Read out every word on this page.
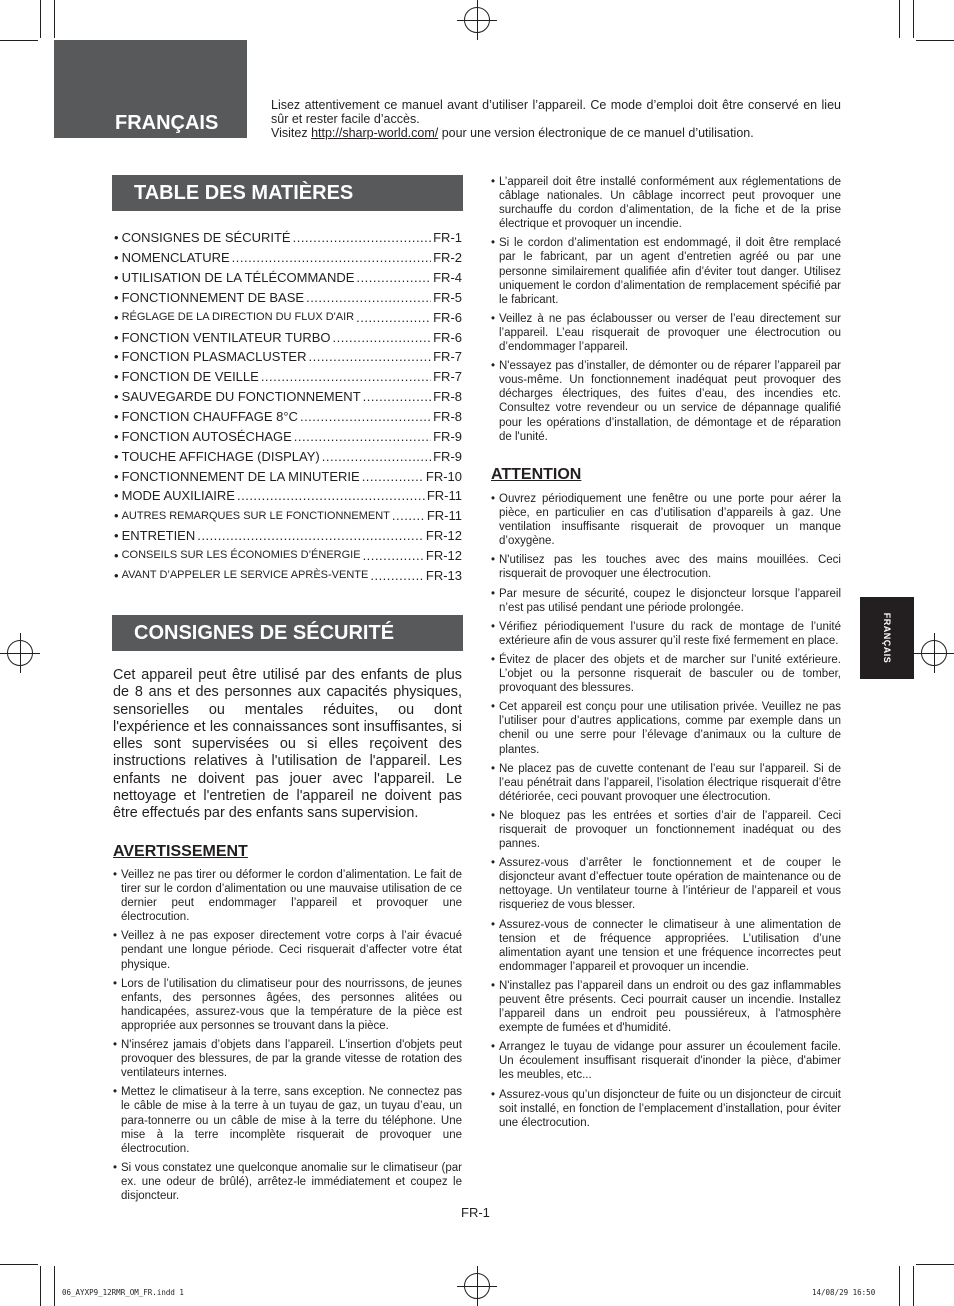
FRANÇAIS
Lisez attentivement ce manuel avant d’utiliser l’appareil. Ce mode d’emploi doit être conservé en lieu sûr et rester facile d’accès.
Visitez http://sharp-world.com/ pour une version électronique de ce manuel d’utilisation.
TABLE DES MATIÈRES
• CONSIGNES DE SÉCURITÉ .....	FR-1
• NOMENCLATURE .....	FR-2
• UTILISATION DE LA TÉLÉCOMMANDE .....	FR-4
• FONCTIONNEMENT DE BASE .....	FR-5
• RÉGLAGE DE LA DIRECTION DU FLUX D'AIR .....	FR-6
• FONCTION VENTILATEUR TURBO .....	FR-6
• FONCTION PLASMACLUSTER .....	FR-7
• FONCTION DE VEILLE .....	FR-7
• SAUVEGARDE DU FONCTIONNEMENT .....	FR-8
• FONCTION CHAUFFAGE 8°C .....	FR-8
• FONCTION AUTOSÉCHAGE .....	FR-9
• TOUCHE AFFICHAGE (DISPLAY) .....	FR-9
• FONCTIONNEMENT DE LA MINUTERIE .....	FR-10
• MODE AUXILIAIRE .....	FR-11
• AUTRES REMARQUES SUR LE FONCTIONNEMENT .....	FR-11
• ENTRETIEN .....	FR-12
• CONSEILS SUR LES ÉCONOMIES D’ÉNERGIE .....	FR-12
• AVANT D’APPELER LE SERVICE APRÈS-VENTE .....	FR-13
CONSIGNES DE SÉCURITÉ

Cet appareil peut être utilisé par des enfants de plus de 8 ans et des personnes aux capacités physiques, sensorielles ou mentales réduites, ou dont l'expérience et les connaissances sont insuffisantes, si elles sont supervisées ou si elles reçoivent des instructions relatives à l'utilisation de l'appareil. Les enfants ne doivent pas jouer avec l'appareil. Le nettoyage et l'entretien de l'appareil ne doivent pas être effectués par des enfants sans supervision.

AVERTISSEMENT
• Veillez ne pas tirer ou déformer le cordon d’alimentation. Le fait de tirer sur le cordon d’alimentation ou une mauvaise utilisation de ce dernier peut endommager l’appareil et provoquer une électrocution.
• Veillez à ne pas exposer directement votre corps à l’air évacué pendant une longue période. Ceci risquerait d’affecter votre état physique.
• Lors de l’utilisation du climatiseur pour des nourrissons, de jeunes enfants, des personnes âgées, des personnes alitées ou handicapées, assurez-vous que la température de la pièce est appropriée aux personnes se trouvant dans la pièce.
• N'insérez jamais d’objets dans l’appareil. L'insertion d'objets peut provoquer des blessures, de par la grande vitesse de rotation des ventilateurs internes.
• Mettez le climatiseur à la terre, sans exception. Ne connectez pas le câble de mise à la terre à un tuyau de gaz, un tuyau d’eau, un para-tonnerre ou un câble de mise à la terre du téléphone. Une mise à la terre incomplète risquerait de provoquer une électrocution.
• Si vous constatez une quelconque anomalie sur le climatiseur (par ex. une odeur de brûlé), arrêtez-le immédiatement et coupez le disjoncteur.
• L’appareil doit être installé conformément aux réglementations de câblage nationales. Un câblage incorrect peut provoquer une surchauffe du cordon d’alimentation, de la fiche et de la prise électrique et provoquer un incendie.
• Si le cordon d’alimentation est endommagé, il doit être remplacé par le fabricant, par un agent d’entretien agréé ou par une personne similairement qualifiée afin d’éviter tout danger. Utilisez uniquement le cordon d’alimentation de remplacement spécifié par le fabricant.
• Veillez à ne pas éclabousser ou verser de l’eau directement sur l’appareil. L’eau risquerait de provoquer une électrocution ou d’endommager l’appareil.
• N'essayez pas d’installer, de démonter ou de réparer l’appareil par vous-même. Un fonctionnement inadéquat peut provoquer des décharges électriques, des fuites d’eau, des incendies etc. Consultez votre revendeur ou un service de dépannage qualifié pour les opérations d’installation, de démontage et de réparation de l'unité.
ATTENTION
• Ouvrez périodiquement une fenêtre ou une porte pour aérer la pièce, en particulier en cas d’utilisation d’appareils à gaz. Une ventilation insuffisante risquerait de provoquer un manque d’oxygène.
• N'utilisez pas les touches avec des mains mouillées. Ceci risquerait de provoquer une électrocution.
• Par mesure de sécurité, coupez le disjoncteur lorsque l’appareil n’est pas utilisé pendant une période prolongée.
• Vérifiez périodiquement l’usure du rack de montage de l’unité extérieure afin de vous assurer qu’il reste fixé fermement en place.
• Évitez de placer des objets et de marcher sur l’unité extérieure. L’objet ou la personne risquerait de basculer ou de tomber, provoquant des blessures.
• Cet appareil est conçu pour une utilisation privée. Veuillez ne pas l’utiliser pour d’autres applications, comme par exemple dans un chenil ou une serre pour l’élevage d’animaux ou la culture de plantes.
• Ne placez pas de cuvette contenant de l’eau sur l’appareil. Si de l’eau pénétrait dans l’appareil, l’isolation électrique risquerait d’être détériorée, ceci pouvant provoquer une électrocution.
• Ne bloquez pas les entrées et sorties d’air de l’appareil. Ceci risquerait de provoquer un fonctionnement inadéquat ou des pannes.
• Assurez-vous d’arrêter le fonctionnement et de couper le disjoncteur avant d’effectuer toute opération de maintenance ou de nettoyage. Un ventilateur tourne à l’intérieur de l’appareil et vous risqueriez de vous blesser.
• Assurez-vous de connecter le climatiseur à une alimentation de tension et de fréquence appropriées. L’utilisation d’une alimentation ayant une tension et une fréquence incorrectes peut endommager l’appareil et provoquer un incendie.
• N'installez pas l’appareil dans un endroit ou des gaz inflammables peuvent être présents. Ceci pourrait causer un incendie. Installez l’appareil dans un endroit peu poussiéreux, à l'atmosphère exempte de fumées et d'humidité.
• Arrangez le tuyau de vidange pour assurer un écoulement facile. Un écoulement insuffisant risquerait d'inonder la pièce, d'abimer les meubles, etc...
• Assurez-vous qu’un disjoncteur de fuite ou un disjoncteur de circuit soit installé, en fonction de l’emplacement d’installation, pour éviter une électrocution.
FRANÇAIS
FR-1
06_AYXP9_12RMR_OM_FR.indd 1	14/08/29 16:50
